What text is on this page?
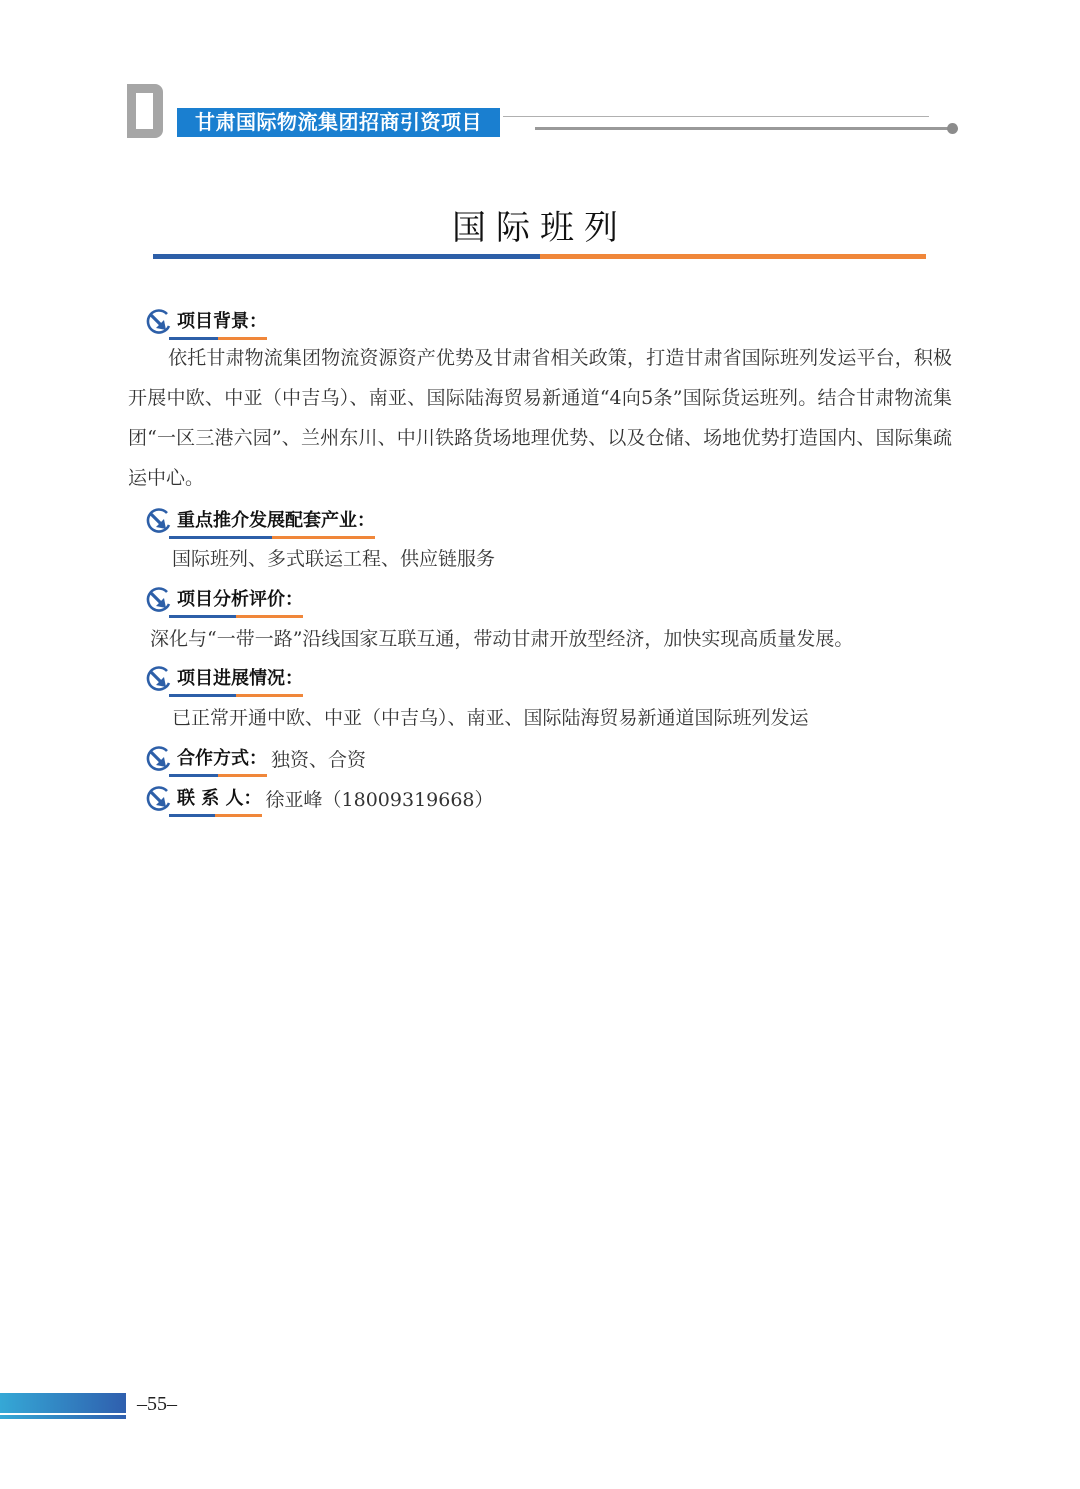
甘肃国际物流集团招商引资项目
国际班列
项目背景：
依托甘肃物流集团物流资源资产优势及甘肃省相关政策，打造甘肃省国际班列发运平台，积极开展中欧、中亚（中吉乌）、南亚、国际陆海贸易新通道“4向5条”国际货运班列。结合甘肃物流集团“一区三港六园”、兰州东川、中川铁路货场地理优势、以及仓储、场地优势打造国内、国际集疏运中心。
重点推介发展配套产业：
国际班列、多式联运工程、供应链服务
项目分析评价：
深化与“一带一路”沿线国家互联互通，带动甘肃开放型经济，加快实现高质量发展。
项目进展情况：
已正常开通中欧、中亚（中吉乌）、南亚、国际陆海贸易新通道国际班列发运
合作方式： 独资、合资
联 系 人： 徐亚峰（18009319668）
–55–
